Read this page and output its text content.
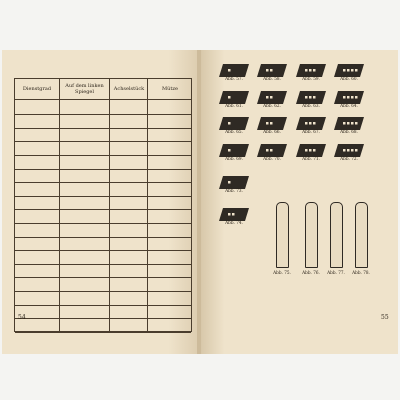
Dienstgrad	Auf dem linken Spiegel	Achselstück	Mütze
54
Abb. 57.	Abb. 58.	Abb. 59.	Abb. 60.
Abb. 61.	Abb. 62.	Abb. 63.	Abb. 64.
Abb. 65.	Abb. 66.	Abb. 67.	Abb. 68.
Abb. 69.	Abb. 70.	Abb. 71.	Abb. 72.
Abb. 73.
Abb. 74.
Abb. 75.	Abb. 76. Abb. 77. Abb. 78.
55
